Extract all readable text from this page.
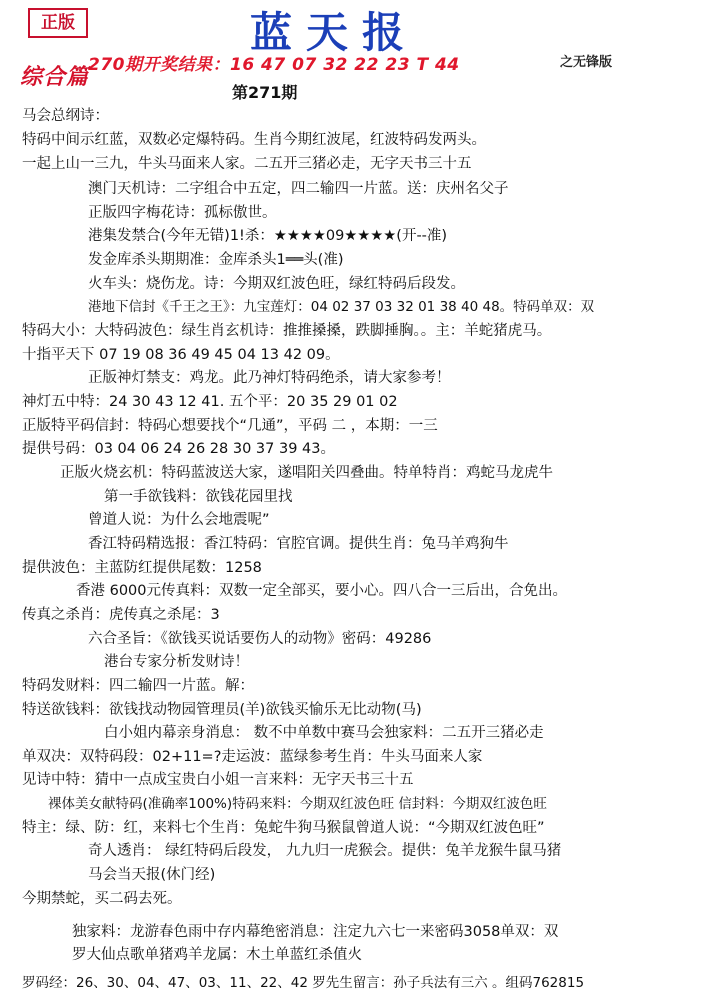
正版	蓝天报
270期开奖结果：16 47 07 32 22 23 T 44	之无锋版
综合篇
第271期
马会总纲诗：
特码中间示红蓝，双数必定爆特码。生肖今期红波尾，红波特码发两头。
一起上山一三九，牛头马面来人家。二五开三猪必走，无字天书三十五
澳门天机诗：二字组合中五定，四二输四一片蓝。送：庆州名父子
正版四字梅花诗：孤标傲世。
港集发禁合(今年无错)1!杀：★★★★09★★★★(开--准)
发金库杀头期期准：金库杀头1══头(准)
火车头：烧伤龙。诗：今期双红波色旺，绿红特码后段发。
港地下信封《千王之王》：九宝莲灯：04 02 37 03 32 01 38 40 48。特码单双：双
特码大小：大特码波色：绿生肖玄机诗：推推搡搡，跌脚捶胸。。主：羊蛇猪虎马。
十指平天下 07 19 08 36 49 45 04 13 42 09。
正版神灯禁支：鸡龙。此乃神灯特码绝杀，请大家参考！
神灯五中特：24 30 43 12 41. 五个平：20 35 29 01 02
正版特平码信封：特码心想要找个“几通”，平码 二 ，本期：一三
提供号码：03 04 06 24 26 28 30 37 39 43。
正版火烧玄机：特码蓝波送大家，遂唱阳关四叠曲。特单特肖：鸡蛇马龙虎牛
第一手欲钱料：欲钱花园里找
曾道人说：为什么会地震呢”
香江特码精选报：香江特码：官腔官调。提供生肖：兔马羊鸡狗牛
提供波色：主蓝防红提供尾数：1258
香港 6000元传真料：双数一定全部买，要小心。四八合一三后出，合免出。
传真之杀肖：虎传真之杀尾：3
六合圣旨：《欲钱买说话要伤人的动物》密码：49286
港台专家分析发财诗！
特码发财料：四二输四一片蓝。解：
特送欲钱料：欲钱找动物园管理员(羊)欲钱买愉乐无比动物(马)
白小姐内幕亲身消息： 数不中单数中赛马会独家料：二五开三猪必走
单双决：双特码段：02+11=?走运波：蓝绿参考生肖：牛头马面来人家
见诗中特：猜中一点成宝贵白小姐一言来料：无字天书三十五
裸体美女献特码(准确率100%)特码来料：今期双红波色旺 信封料：今期双红波色旺
特主：绿、防：红，来料七个生肖：兔蛇牛狗马猴鼠曾道人说：“今期双红波色旺”
奇人透肖： 绿红特码后段发， 九九归一虎猴会。提供：兔羊龙猴牛鼠马猪
马会当天报(休门经)
今期禁蛇，买二码去死。
独家料：龙游春色雨中存内幕绝密消息：注定九六七一来密码3058单双：双
罗大仙点歌单猪鸡羊龙属：木土单蓝红杀值火
罗码经：26、30、04、47、03、11、22、42 罗先生留言：孙子兵法有三六 。组码762815
